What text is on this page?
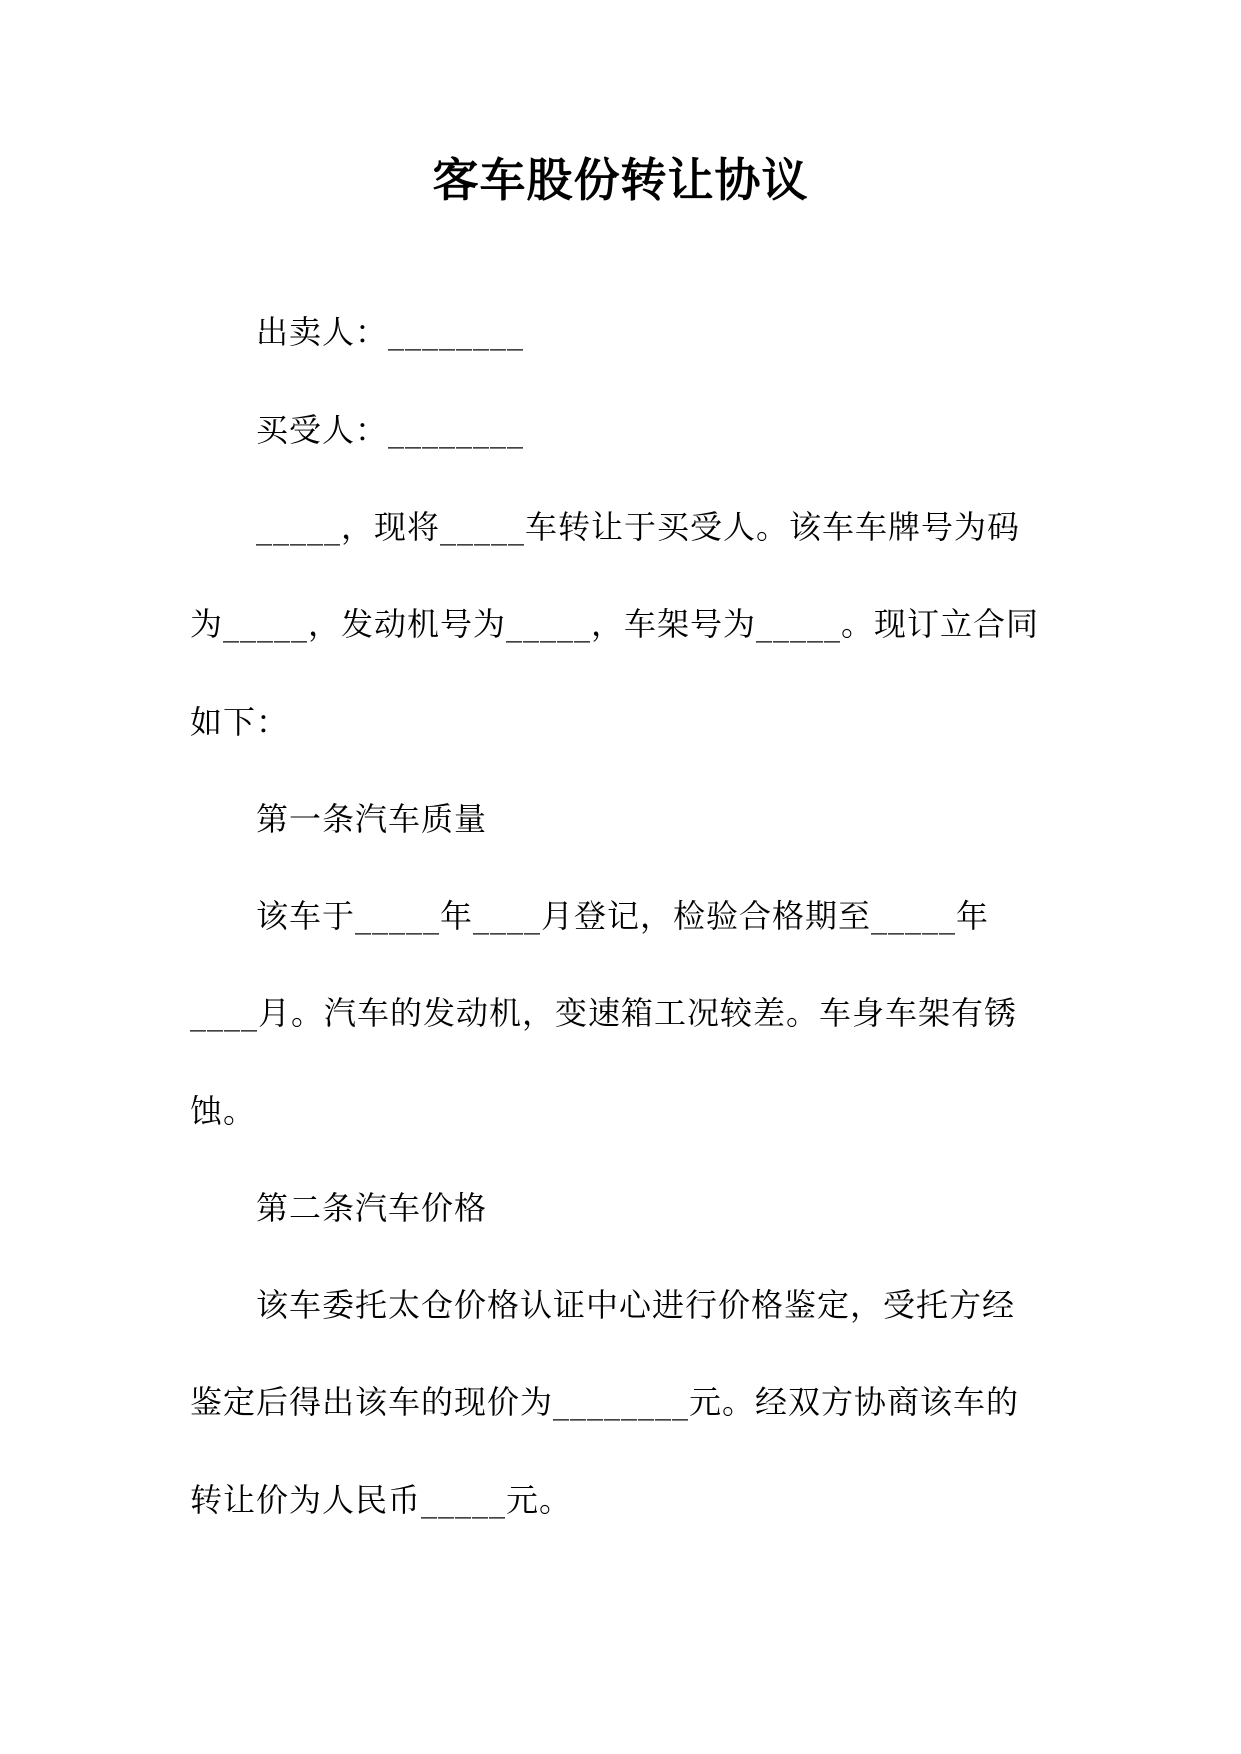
客车股份转让协议
出卖人：________
买受人：________
_____，现将_____车转让于买受人。该车车牌号为码
为_____，发动机号为_____，车架号为_____。现订立合同
如下：
第一条汽车质量
该车于_____年____月登记，检验合格期至_____年
____月。汽车的发动机，变速箱工况较差。车身车架有锈
蚀。
第二条汽车价格
该车委托太仓价格认证中心进行价格鉴定，受托方经
鉴定后得出该车的现价为________元。经双方协商该车的
转让价为人民币_____元。
